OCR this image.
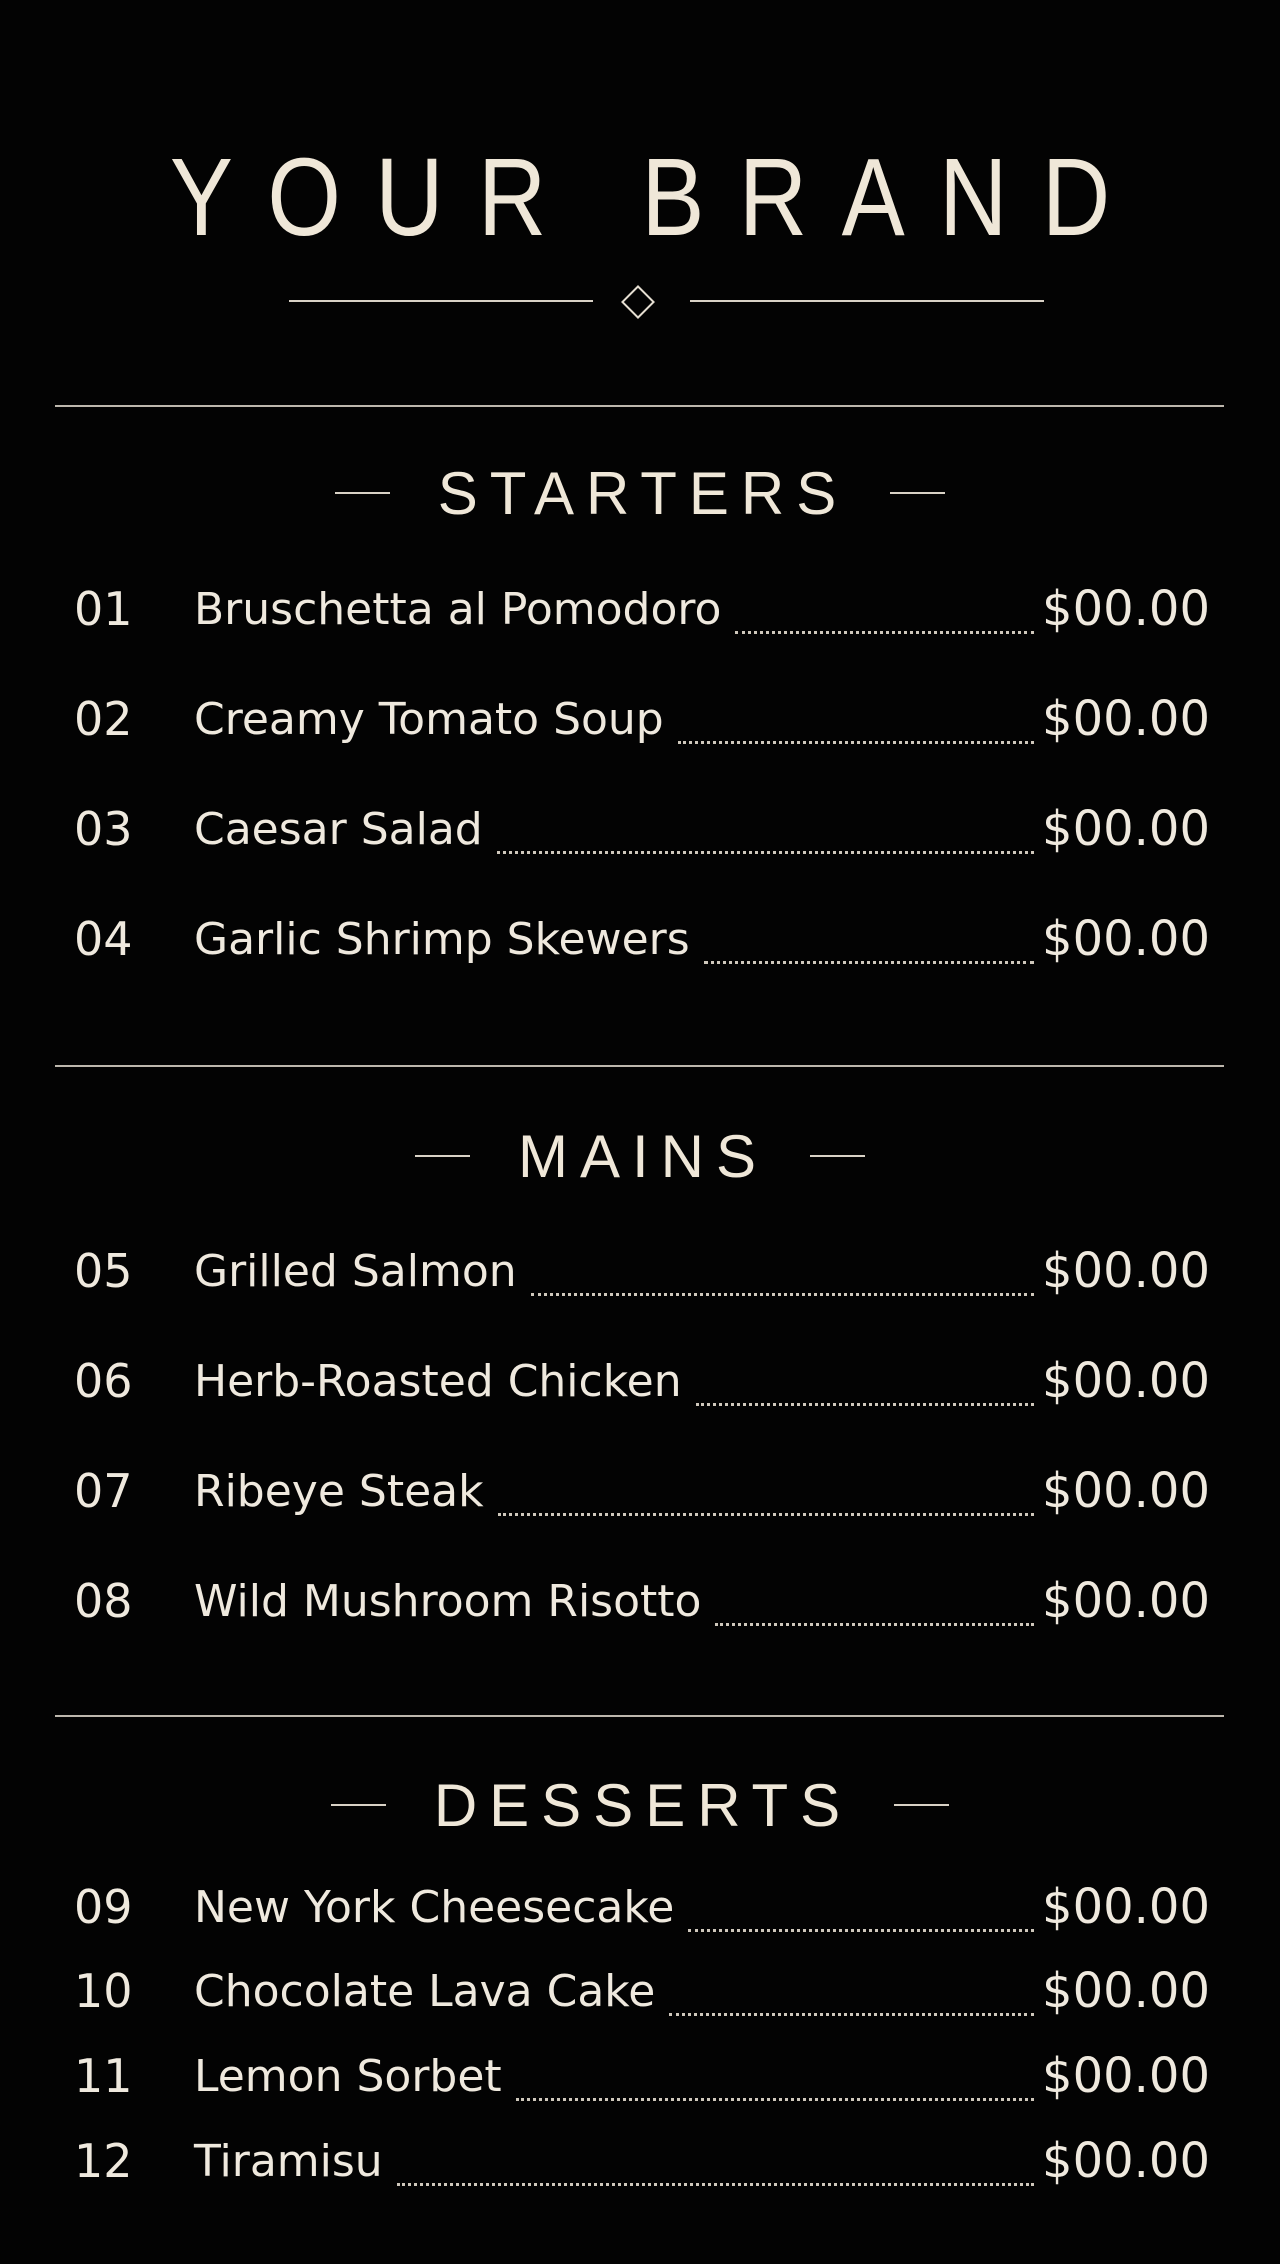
YOUR BRAND
STARTERS
01 Bruschetta al Pomodoro	$00.00
02 Creamy Tomato Soup	$00.00
03 Caesar Salad	$00.00
04 Garlic Shrimp Skewers	$00.00
MAINS
05 Grilled Salmon	$00.00
06 Herb-Roasted Chicken	$00.00
07 Ribeye Steak	$00.00
08 Wild Mushroom Risotto	$00.00
DESSERTS
09 New York Cheesecake	$00.00
10 Chocolate Lava Cake	$00.00
11 Lemon Sorbet	$00.00
12 Tiramisu	$00.00
